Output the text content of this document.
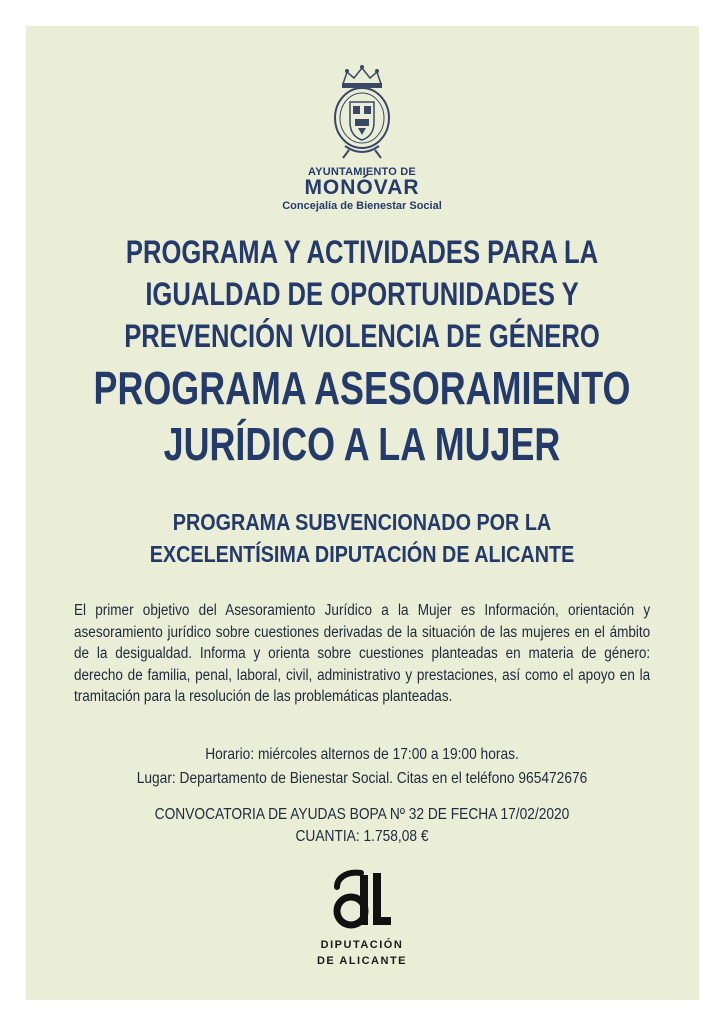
AYUNTAMIENTO DE
MONÓVAR
Concejalía de Bienestar Social
PROGRAMA Y ACTIVIDADES PARA LA
IGUALDAD DE OPORTUNIDADES Y
PREVENCIÓN VIOLENCIA DE GÉNERO
PROGRAMA ASESORAMIENTO
JURÍDICO A LA MUJER
PROGRAMA SUBVENCIONADO POR LA
EXCELENTÍSIMA DIPUTACIÓN DE ALICANTE
El primer objetivo del Asesoramiento Jurídico a la Mujer es Información, orientación y asesoramiento jurídico sobre cuestiones derivadas de la situación de las mujeres en el ámbito de la desigualdad. Informa y orienta sobre cuestiones planteadas en materia de género: derecho de familia, penal, laboral, civil, administrativo y prestaciones, así como el apoyo en la tramitación para la resolución de las problemáticas planteadas.
Horario: miércoles alternos de 17:00 a 19:00 horas.
Lugar: Departamento de Bienestar Social. Citas en el teléfono 965472676
CONVOCATORIA DE AYUDAS BOPA Nº 32 DE FECHA 17/02/2020
CUANTIA: 1.758,08 €
DIPUTACIÓN
DE ALICANTE
